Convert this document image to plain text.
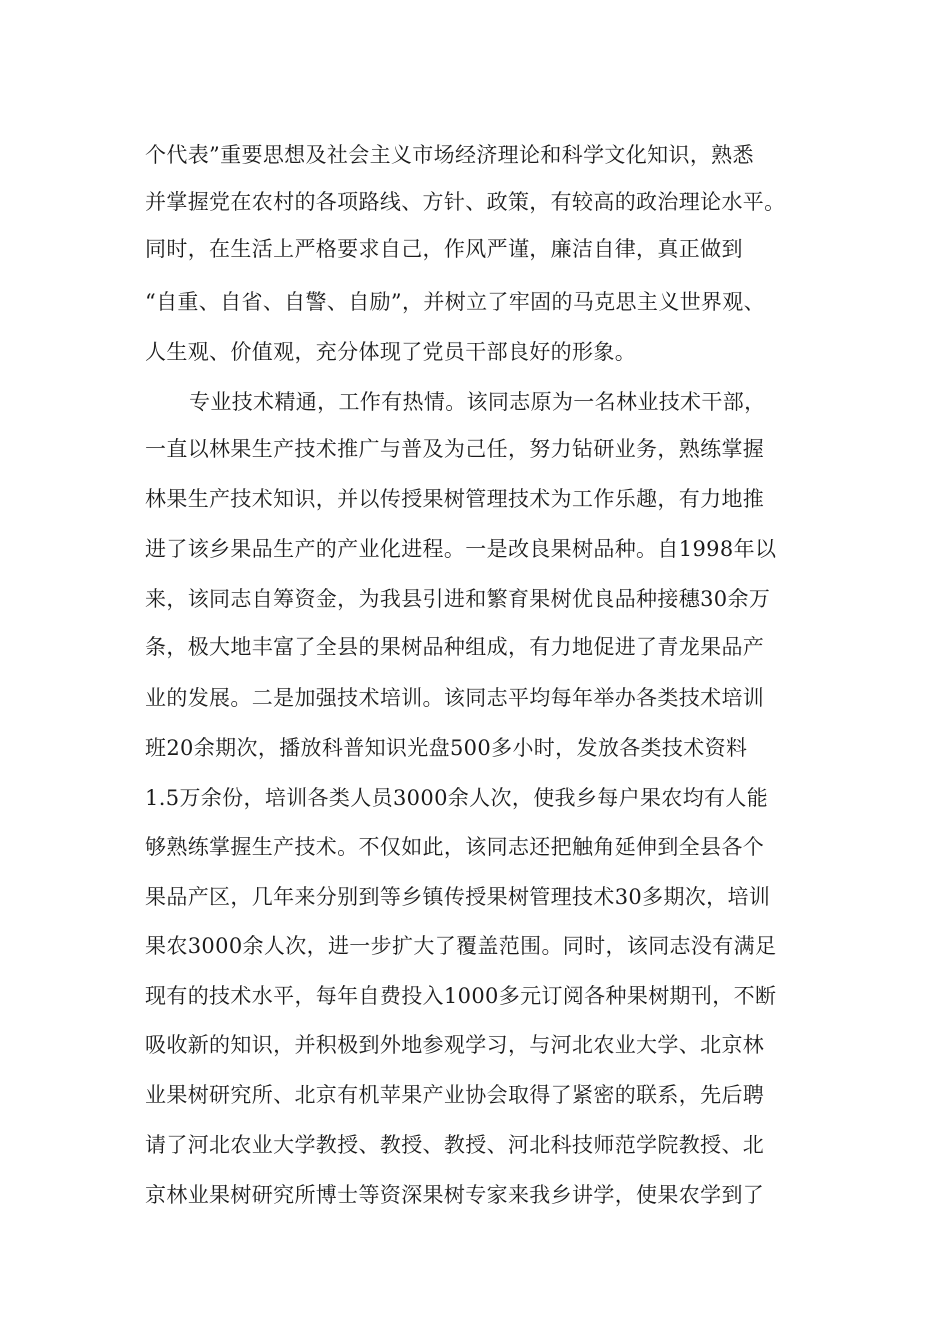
个代表”重要思想及社会主义市场经济理论和科学文化知识，熟悉
并掌握党在农村的各项路线、方针、政策，有较高的政治理论水平。
同时，在生活上严格要求自己，作风严谨，廉洁自律，真正做到
“自重、自省、自警、自励”，并树立了牢固的马克思主义世界观、
人生观、价值观，充分体现了党员干部良好的形象。
专业技术精通，工作有热情。该同志原为一名林业技术干部，
一直以林果生产技术推广与普及为己任，努力钻研业务，熟练掌握
林果生产技术知识，并以传授果树管理技术为工作乐趣，有力地推
进了该乡果品生产的产业化进程。一是改良果树品种。自1998年以
来，该同志自筹资金，为我县引进和繁育果树优良品种接穗30余万
条，极大地丰富了全县的果树品种组成，有力地促进了青龙果品产
业的发展。二是加强技术培训。该同志平均每年举办各类技术培训
班20余期次，播放科普知识光盘500多小时，发放各类技术资料
1.5万余份，培训各类人员3000余人次，使我乡每户果农均有人能
够熟练掌握生产技术。不仅如此，该同志还把触角延伸到全县各个
果品产区，几年来分别到等乡镇传授果树管理技术30多期次，培训
果农3000余人次，进一步扩大了覆盖范围。同时，该同志没有满足
现有的技术水平，每年自费投入1000多元订阅各种果树期刊，不断
吸收新的知识，并积极到外地参观学习，与河北农业大学、北京林
业果树研究所、北京有机苹果产业协会取得了紧密的联系，先后聘
请了河北农业大学教授、教授、教授、河北科技师范学院教授、北
京林业果树研究所博士等资深果树专家来我乡讲学，使果农学到了
